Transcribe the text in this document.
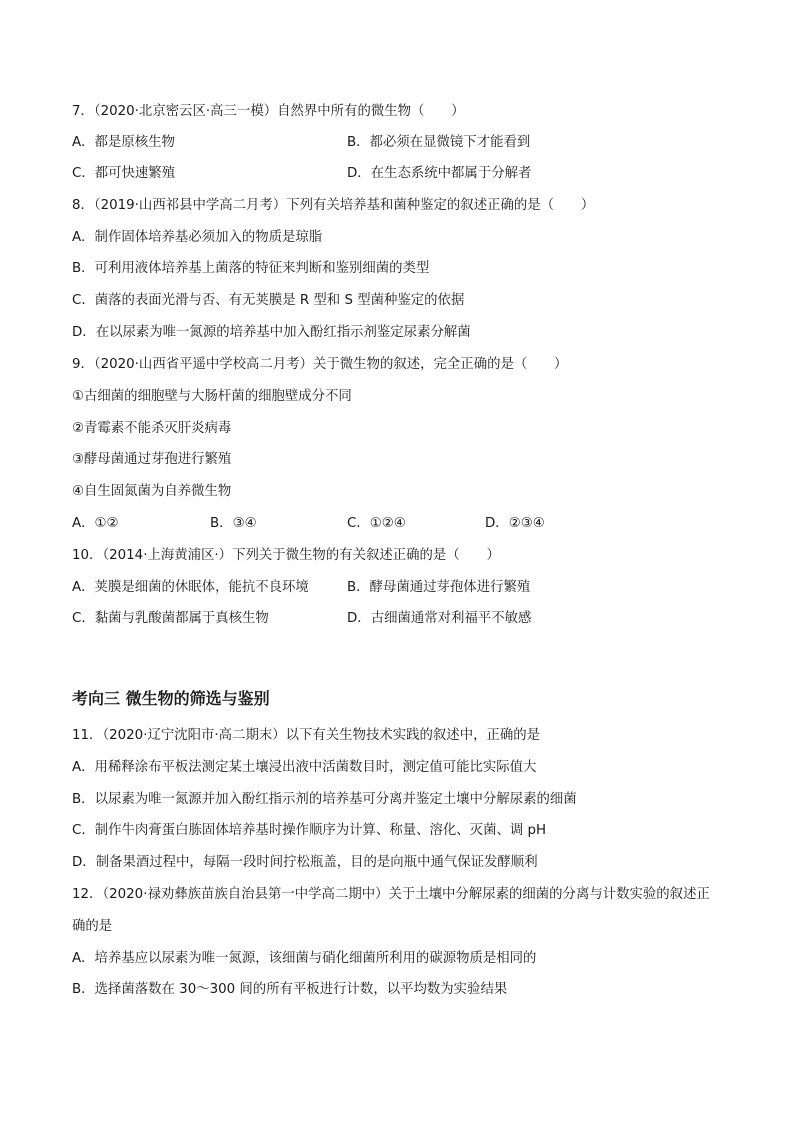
7．（2020·北京密云区·高三一模）自然界中所有的微生物（　　）
A．都是原核生物	B．都必须在显微镜下才能看到
C．都可快速繁殖	D．在生态系统中都属于分解者
8．（2019·山西祁县中学高二月考）下列有关培养基和菌种鉴定的叙述正确的是（　　）
A．制作固体培养基必须加入的物质是琼脂
B．可利用液体培养基上菌落的特征来判断和鉴别细菌的类型
C．菌落的表面光滑与否、有无荚膜是 R 型和 S 型菌种鉴定的依据
D．在以尿素为唯一氮源的培养基中加入酚红指示剂鉴定尿素分解菌
9．（2020·山西省平遥中学校高二月考）关于微生物的叙述，完全正确的是（　　）
①古细菌的细胞壁与大肠杆菌的细胞壁成分不同
②青霉素不能杀灭肝炎病毒
③酵母菌通过芽孢进行繁殖
④自生固氮菌为自养微生物
A．①②	B．③④	C．①②④	D．②③④
10．（2014·上海黄浦区·）下列关于微生物的有关叙述正确的是（　　）
A．荚膜是细菌的休眠体，能抗不良环境	B．酵母菌通过芽孢体进行繁殖
C．黏菌与乳酸菌都属于真核生物	D．古细菌通常对利福平不敏感
考向三 微生物的筛选与鉴别
11．（2020·辽宁沈阳市·高二期末）以下有关生物技术实践的叙述中，正确的是
A．用稀释涂布平板法测定某土壤浸出液中活菌数目时，测定值可能比实际值大
B．以尿素为唯一氮源并加入酚红指示剂的培养基可分离并鉴定土壤中分解尿素的细菌
C．制作牛肉膏蛋白胨固体培养基时操作顺序为计算、称量、溶化、灭菌、调 pH
D．制备果酒过程中，每隔一段时间拧松瓶盖，目的是向瓶中通气保证发酵顺利
12．（2020·禄劝彝族苗族自治县第一中学高二期中）关于土壤中分解尿素的细菌的分离与计数实验的叙述正
确的是
A．培养基应以尿素为唯一氮源，该细菌与硝化细菌所利用的碳源物质是相同的
B．选择菌落数在 30～300 间的所有平板进行计数，以平均数为实验结果
